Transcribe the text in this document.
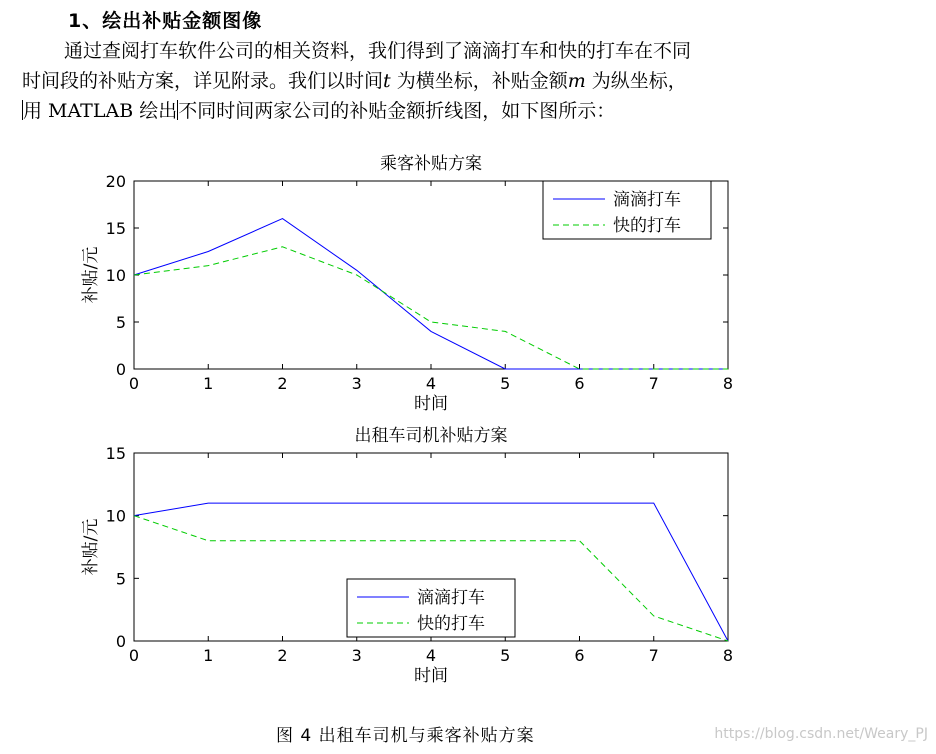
1、绘出补贴金额图像
通过查阅打车软件公司的相关资料，我们得到了滴滴打车和快的打车在不同
时间段的补贴方案，详见附录。我们以时间t 为横坐标，补贴金额m 为纵坐标，
用 MATLAB 绘出不同时间两家公司的补贴金额折线图，如下图所示：
0	1	2	3	4	5	6	7	8
0
5
10
15
20
乘客补贴方案
时间
补贴/元
滴滴打车
快的打车
0	1	2	3	4	5	6	7	8
0
5
10
15
出租车司机补贴方案
时间
补贴/元
滴滴打车
快的打车
图 4 出租车司机与乘客补贴方案	https://blog.csdn.net/Weary_PJ
